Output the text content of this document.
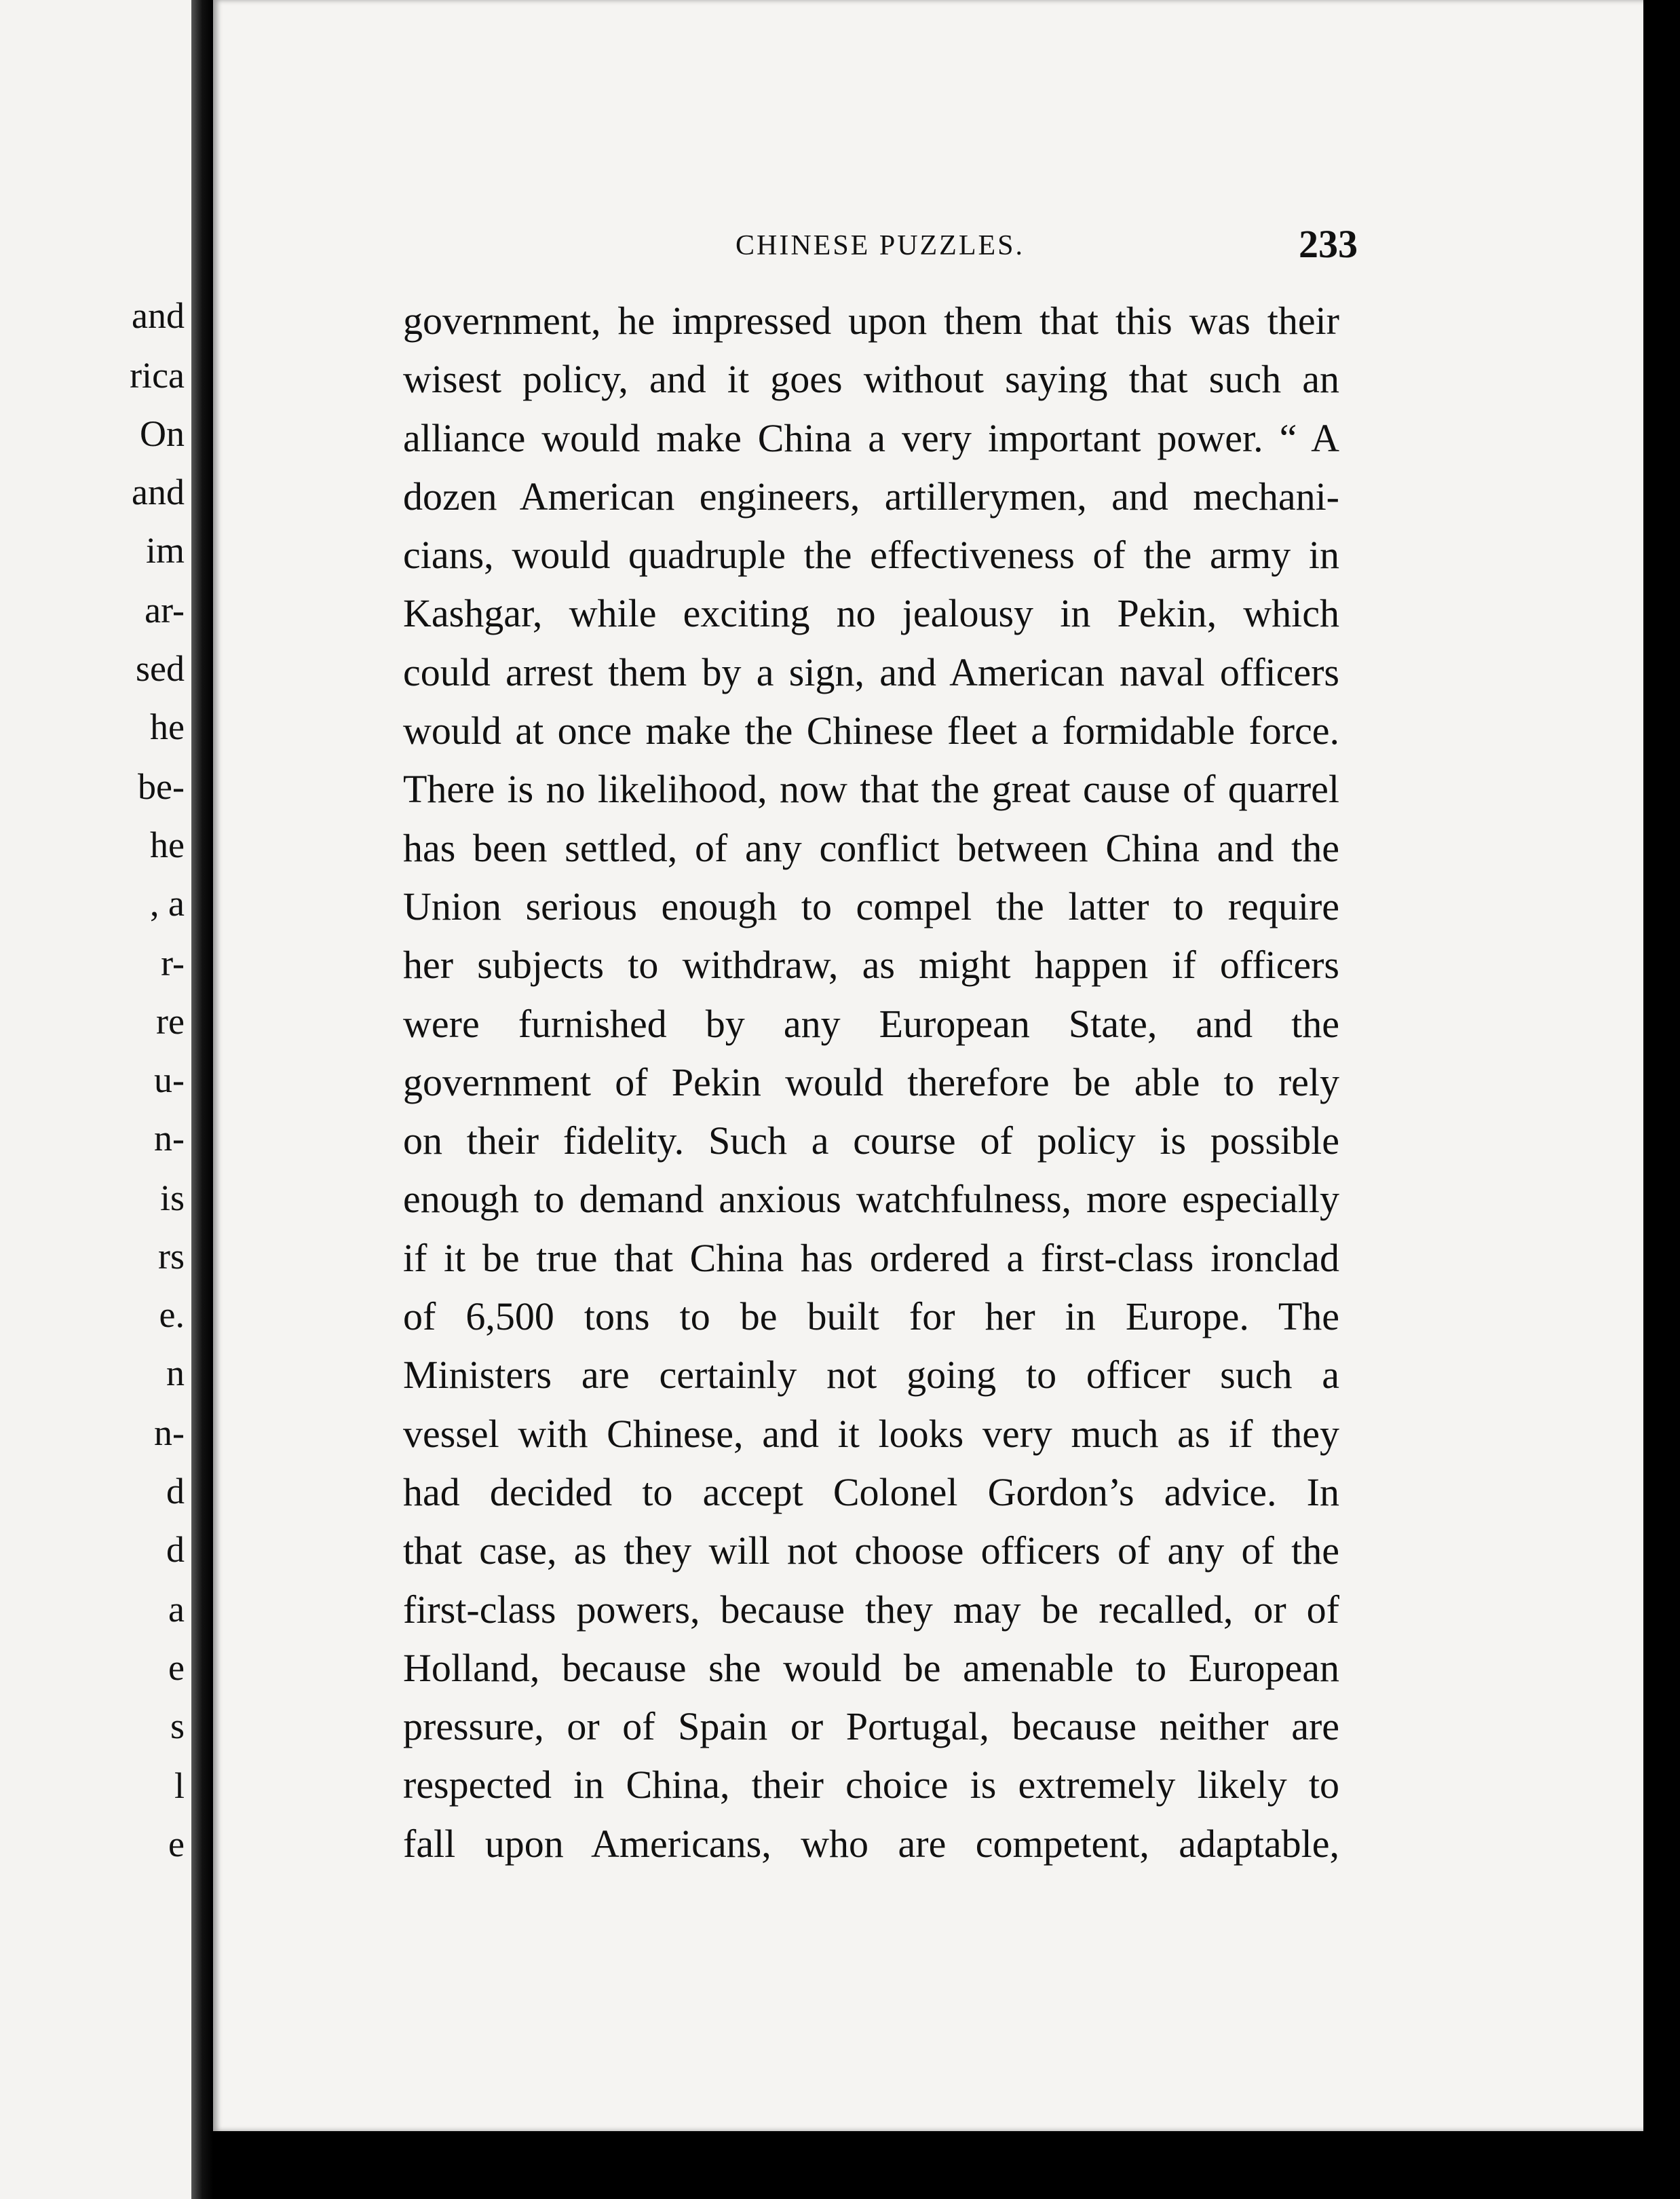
and
rica
On
and
im
ar-
sed
he
be-
he
, a
r-
re
u-
n-
is
rs
e.
n
n-
d
d
a
e
s
l
e
CHINESE PUZZLES.	233
government, he impressed upon them that this was their
wisest policy, and it goes without saying that such an
alliance would make China a very important power. “ A
dozen American engineers, artillerymen, and mechani-
cians, would quadruple the effectiveness of the army in
Kashgar, while exciting no jealousy in Pekin, which
could arrest them by a sign, and American naval officers
would at once make the Chinese fleet a formidable force.
There is no likelihood, now that the great cause of quarrel
has been settled, of any conflict between China and the
Union serious enough to compel the latter to require
her subjects to withdraw, as might happen if officers
were furnished by any European State, and the
government of Pekin would therefore be able to rely
on their fidelity. Such a course of policy is possible
enough to demand anxious watchfulness, more especially
if it be true that China has ordered a first-class ironclad
of 6,500 tons to be built for her in Europe. The
Ministers are certainly not going to officer such a
vessel with Chinese, and it looks very much as if they
had decided to accept Colonel Gordon’s advice. In
that case, as they will not choose officers of any of the
first-class powers, because they may be recalled, or of
Holland, because she would be amenable to European
pressure, or of Spain or Portugal, because neither are
respected in China, their choice is extremely likely to
fall upon Americans, who are competent, adaptable,
